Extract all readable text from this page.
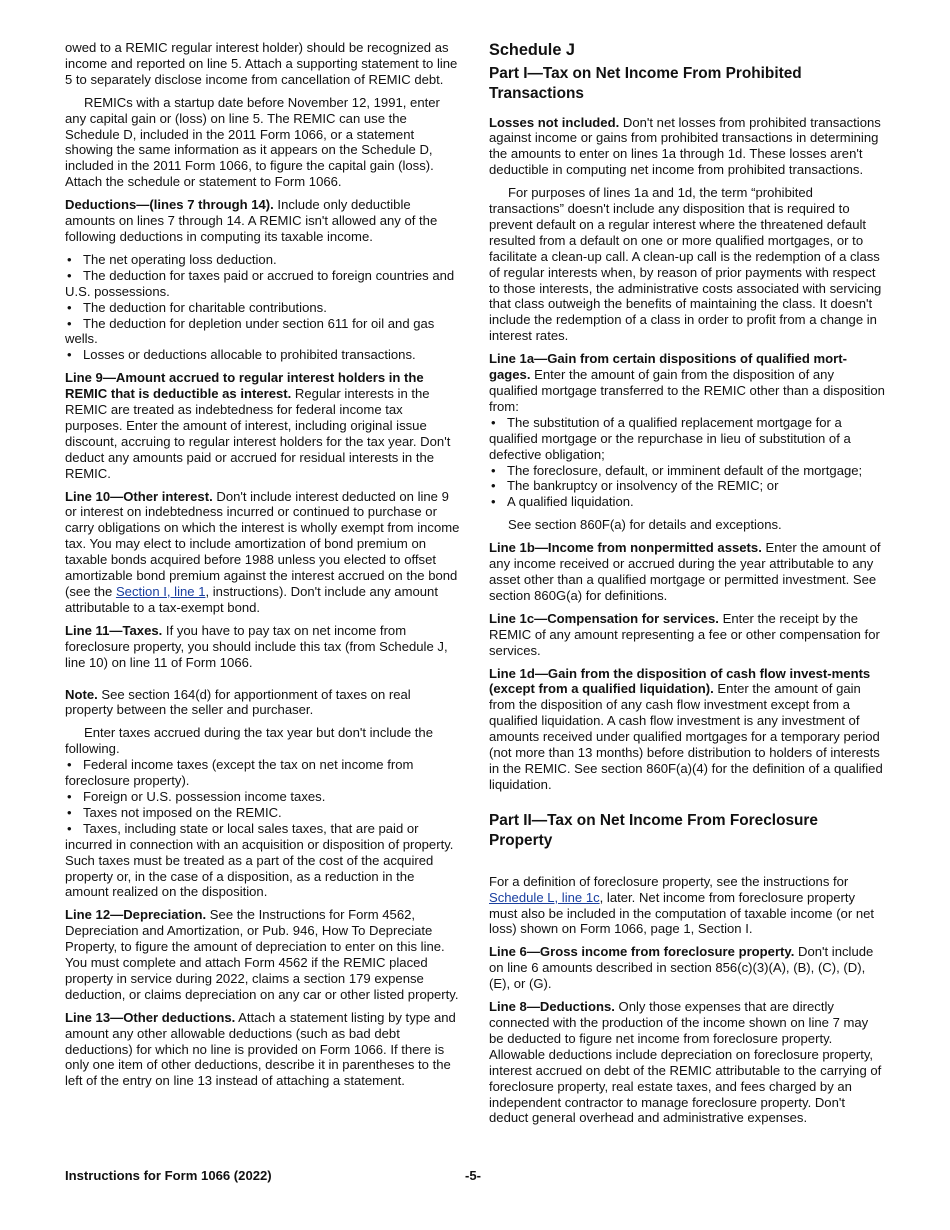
owed to a REMIC regular interest holder) should be recognized as income and reported on line 5. Attach a supporting statement to line 5 to separately disclose income from cancellation of REMIC debt.

REMICs with a startup date before November 12, 1991, enter any capital gain or (loss) on line 5. The REMIC can use the Schedule D, included in the 2011 Form 1066, or a statement showing the same information as it appears on the Schedule D, included in the 2011 Form 1066, to figure the capital gain (loss). Attach the schedule or statement to Form 1066.

Deductions—(lines 7 through 14). Include only deductible amounts on lines 7 through 14. A REMIC isn't allowed any of the following deductions in computing its taxable income.

• The net operating loss deduction.
• The deduction for taxes paid or accrued to foreign countries and U.S. possessions.
• The deduction for charitable contributions.
• The deduction for depletion under section 611 for oil and gas wells.
• Losses or deductions allocable to prohibited transactions.

Line 9—Amount accrued to regular interest holders in the REMIC that is deductible as interest. Regular interests in the REMIC are treated as indebtedness for federal income tax purposes. Enter the amount of interest, including original issue discount, accruing to regular interest holders for the tax year. Don't deduct any amounts paid or accrued for residual interests in the REMIC.

Line 10—Other interest. Don't include interest deducted on line 9 or interest on indebtedness incurred or continued to purchase or carry obligations on which the interest is wholly exempt from income tax. You may elect to include amortization of bond premium on taxable bonds acquired before 1988 unless you elected to offset amortizable bond premium against the interest accrued on the bond (see the Section I, line 1, instructions). Don't include any amount attributable to a tax-exempt bond.

Line 11—Taxes. If you have to pay tax on net income from foreclosure property, you should include this tax (from Schedule J, line 10) on line 11 of Form 1066.

Note. See section 164(d) for apportionment of taxes on real property between the seller and purchaser.

Enter taxes accrued during the tax year but don't include the following.

• Federal income taxes (except the tax on net income from foreclosure property).
• Foreign or U.S. possession income taxes.
• Taxes not imposed on the REMIC.
• Taxes, including state or local sales taxes, that are paid or incurred in connection with an acquisition or disposition of property. Such taxes must be treated as a part of the cost of the acquired property or, in the case of a disposition, as a reduction in the amount realized on the disposition.

Line 12—Depreciation. See the Instructions for Form 4562, Depreciation and Amortization, or Pub. 946, How To Depreciate Property, to figure the amount of depreciation to enter on this line. You must complete and attach Form 4562 if the REMIC placed property in service during 2022, claims a section 179 expense deduction, or claims depreciation on any car or other listed property.

Line 13—Other deductions. Attach a statement listing by type and amount any other allowable deductions (such as bad debt deductions) for which no line is provided on Form 1066. If there is only one item of other deductions, describe it in parentheses to the left of the entry on line 13 instead of attaching a statement.

Schedule J
Part I—Tax on Net Income From Prohibited Transactions

Losses not included. Don't net losses from prohibited transactions against income or gains from prohibited transactions in determining the amounts to enter on lines 1a through 1d. These losses aren't deductible in computing net income from prohibited transactions.

For purposes of lines 1a and 1d, the term “prohibited transactions” doesn't include any disposition that is required to prevent default on a regular interest where the threatened default resulted from a default on one or more qualified mortgages, or to facilitate a clean-up call. A clean-up call is the redemption of a class of regular interests when, by reason of prior payments with respect to those interests, the administrative costs associated with servicing that class outweigh the benefits of maintaining the class. It doesn't include the redemption of a class in order to profit from a change in interest rates.

Line 1a—Gain from certain dispositions of qualified mort-gages. Enter the amount of gain from the disposition of any qualified mortgage transferred to the REMIC other than a disposition from:

• The substitution of a qualified replacement mortgage for a qualified mortgage or the repurchase in lieu of substitution of a defective obligation;
• The foreclosure, default, or imminent default of the mortgage;
• The bankruptcy or insolvency of the REMIC; or
• A qualified liquidation.

See section 860F(a) for details and exceptions.

Line 1b—Income from nonpermitted assets. Enter the amount of any income received or accrued during the year attributable to any asset other than a qualified mortgage or permitted investment. See section 860G(a) for definitions.

Line 1c—Compensation for services. Enter the receipt by the REMIC of any amount representing a fee or other compensation for services.

Line 1d—Gain from the disposition of cash flow invest-ments (except from a qualified liquidation). Enter the amount of gain from the disposition of any cash flow investment except from a qualified liquidation. A cash flow investment is any investment of amounts received under qualified mortgages for a temporary period (not more than 13 months) before distribution to holders of interests in the REMIC. See section 860F(a)(4) for the definition of a qualified liquidation.

Part II—Tax on Net Income From Foreclosure Property

For a definition of foreclosure property, see the instructions for Schedule L, line 1c, later. Net income from foreclosure property must also be included in the computation of taxable income (or net loss) shown on Form 1066, page 1, Section I.

Line 6—Gross income from foreclosure property. Don't include on line 6 amounts described in section 856(c)(3)(A), (B), (C), (D), (E), or (G).

Line 8—Deductions. Only those expenses that are directly connected with the production of the income shown on line 7 may be deducted to figure net income from foreclosure property. Allowable deductions include depreciation on foreclosure property, interest accrued on debt of the REMIC attributable to the carrying of foreclosure property, real estate taxes, and fees charged by an independent contractor to manage foreclosure property. Don't deduct general overhead and administrative expenses.

Instructions for Form 1066 (2022)	-5-
